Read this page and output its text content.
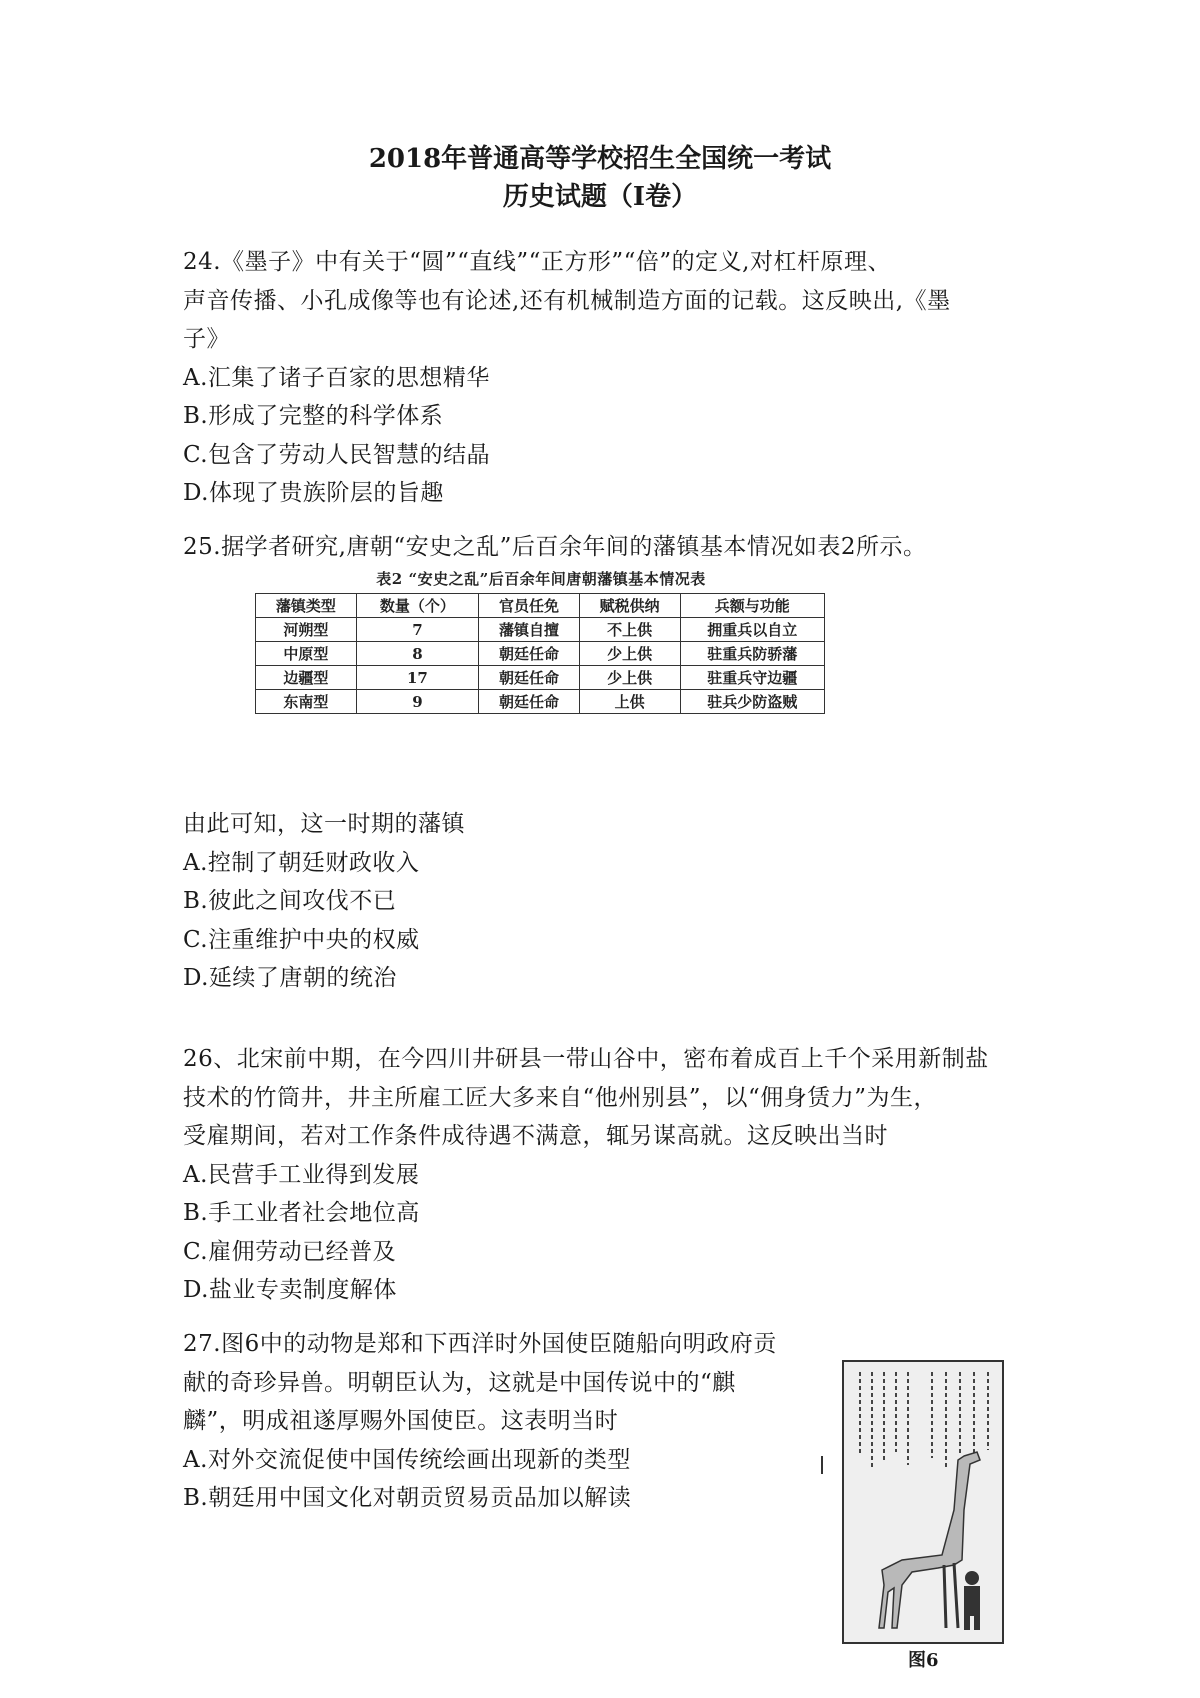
2018年普通高等学校招生全国统一考试
历史试题（Ⅰ卷）
24.《墨子》中有关于“圆”“直线”“正方形”“倍”的定义,对杠杆原理、
声音传播、小孔成像等也有论述,还有机械制造方面的记载。这反映出,《墨
子》
A.汇集了诸子百家的思想精华
B.形成了完整的科学体系
C.包含了劳动人民智慧的结晶
D.体现了贵族阶层的旨趣
25.据学者研究,唐朝“安史之乱”后百余年间的藩镇基本情况如表2所示。
表2 “安史之乱”后百余年间唐朝藩镇基本情况表
藩镇类型	数量（个）	官员任免	赋税供纳	兵额与功能
河朔型	7	藩镇自擅	不上供	拥重兵以自立
中原型	8	朝廷任命	少上供	驻重兵防骄藩
边疆型	17	朝廷任命	少上供	驻重兵守边疆
东南型	9	朝廷任命	上供	驻兵少防盗贼
由此可知，这一时期的藩镇
A.控制了朝廷财政收入
B.彼此之间攻伐不已
C.注重维护中央的权威
D.延续了唐朝的统治
26、北宋前中期，在今四川井研县一带山谷中，密布着成百上千个采用新制盐
技术的竹筒井，井主所雇工匠大多来自“他州别县”，以“佣身赁力”为生，
受雇期间，若对工作条件成待遇不满意，辄另谋高就。这反映出当时
A.民营手工业得到发展
B.手工业者社会地位高
C.雇佣劳动已经普及
D.盐业专卖制度解体
27.图6中的动物是郑和下西洋时外国使臣随船向明政府贡
献的奇珍异兽。明朝臣认为，这就是中国传说中的“麒
麟”，明成祖遂厚赐外国使臣。这表明当时
A.对外交流促使中国传统绘画出现新的类型
B.朝廷用中国文化对朝贡贸易贡品加以解读
图6
